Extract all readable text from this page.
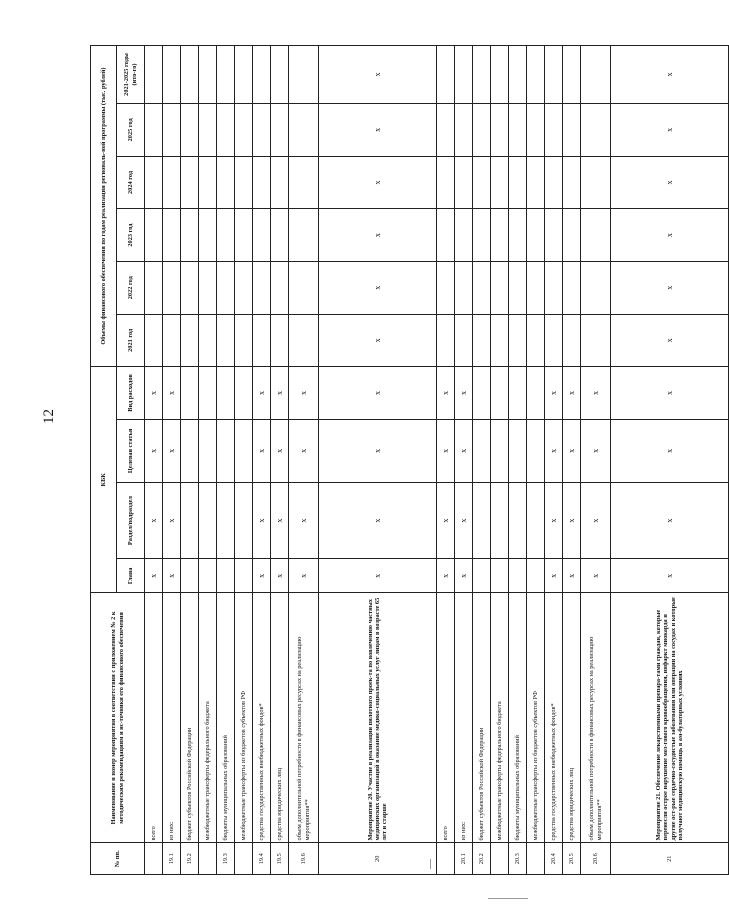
12
№ пп.	Наименование и номер мероприятия в соответствии с приложением № 2 к методическим рекомендациям и ис-точники его финансового обеспечения	КБК				Объемы финансового обеспечения по годам реализации региональ-ной программы (тыс. рублей)					
		Глава	Раздел/подраздел	Целевая статья	Вид расходов	2021 год	2022 год	2023 год	2024 год	2025 год	2021-2025 годы (ито-го)
	всего	х	х	х	х						
19.1	из них:	х	х	х	х						
19.2	бюджет субъектов Российской Федерации										
	межбюджетные трансферты федерального бюджета										
19.3	бюджеты муниципальных образований										
	межбюджетные трансферты из бюджетов субъектов РФ										
19.4	средства государственных внебюджетных фондов*	х	х	х	х						
19.5	средства юридических лиц	х	х	х	х						
19.6	объем дополнительной потребности в финансовых ресурсах на реализацию мероприятия**	х	х	х	х						
20	Мероприятие 20. Участие в реализации пилотного проек-та по вовлечению частных медицинских организаций в оказание медико-социальных услуг лицам в возрасте 65 лет и старше	х	х	х	х	х	х	х	х	х	х
	всего	х	х	х	х						
20.1	из них:	х	х	х	х						
20.2	бюджет субъектов Российской Федерации										
	межбюджетные трансферты федерального бюджета										
20.3	бюджеты муниципальных образований										
	межбюджетные трансферты из бюджетов субъектов РФ										
20.4	средства государственных внебюджетных фондов*	х	х	х	х						
20.5	средства юридических лиц	х	х	х	х						
20.6	объем дополнительной потребности в финансовых ресурсах на реализацию мероприятия**	х	х	х	х						
21	Мероприятие 21. Обеспечение лекарственными препара-тами граждан, которые перенесли острое нарушение моз-гового кровообращения, инфаркт миокарда и другие ост-рые сердечно-сосудистые заболевания или операции на сосудах и которые получают медицинскую помощь в ам-булаторных условиях	х	х	х	х	х	х	х	х	х	х
